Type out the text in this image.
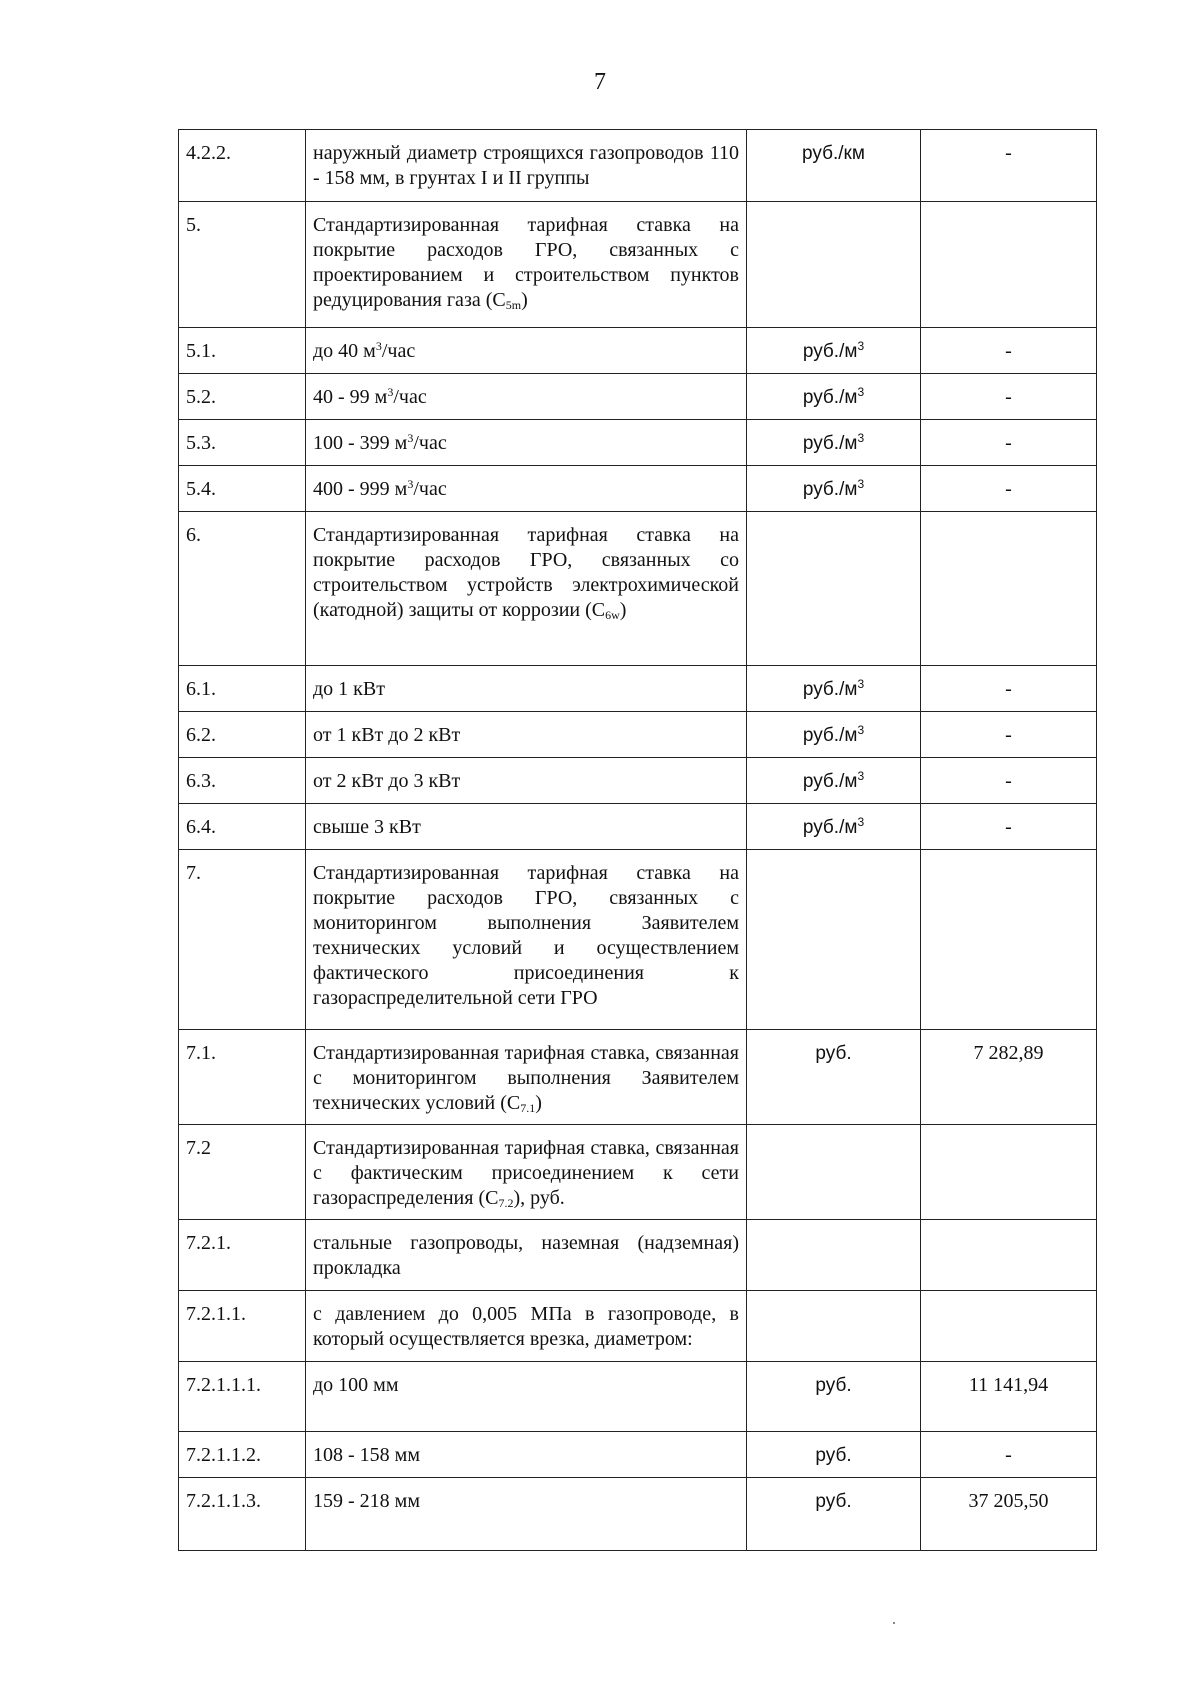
7
4.2.2.	наружный диаметр строящихся газопроводов 110 - 158 мм, в грунтах I и II группы	руб./км	-
5.	Стандартизированная тарифная ставка на покрытие расходов ГРО, связанных с проектированием и строительством пунктов редуцирования газа $(C_{5m})$		
5.1.	до 40 $м^3$/час	$руб./м^3$	-
5.2.	40 - 99 $м^3$/час	$руб./м^3$	-
5.3.	100 - 399 $м^3$/час	$руб./м^3$	-
5.4.	400 - 999 $м^3$/час	$руб./м^3$	-
6.	Стандартизированная тарифная ставка на покрытие расходов ГРО, связанных со строительством устройств электрохимической (катодной) защиты от коррозии $(C_{6w})$		
6.1.	до 1 кВт	$руб./м^3$	-
6.2.	от 1 кВт до 2 кВт	$руб./м^3$	-
6.3.	от 2 кВт до 3 кВт	$руб./м^3$	-
6.4.	свыше 3 кВт	$руб./м^3$	-
7.	Стандартизированная тарифная ставка на покрытие расходов ГРО, связанных с мониторингом выполнения Заявителем технических условий и осуществлением фактического присоединения к газораспределительной сети ГРО		
7.1.	Стандартизированная тарифная ставка, связанная с мониторингом выполнения Заявителем технических условий $(C_{7.1})$	руб.	7 282,89
7.2	Стандартизированная тарифная ставка, связанная с фактическим присоединением к сети газораспределения $(C_{7.2})$, руб.		
7.2.1.	стальные газопроводы, наземная (надземная) прокладка		
7.2.1.1.	с давлением до 0,005 МПа в газопроводе, в который осуществляется врезка, диаметром:		
7.2.1.1.1.	до 100 мм	руб.	11 141,94
7.2.1.1.2.	108 - 158 мм	руб.	-
7.2.1.1.3.	159 - 218 мм	руб.	37 205,50
